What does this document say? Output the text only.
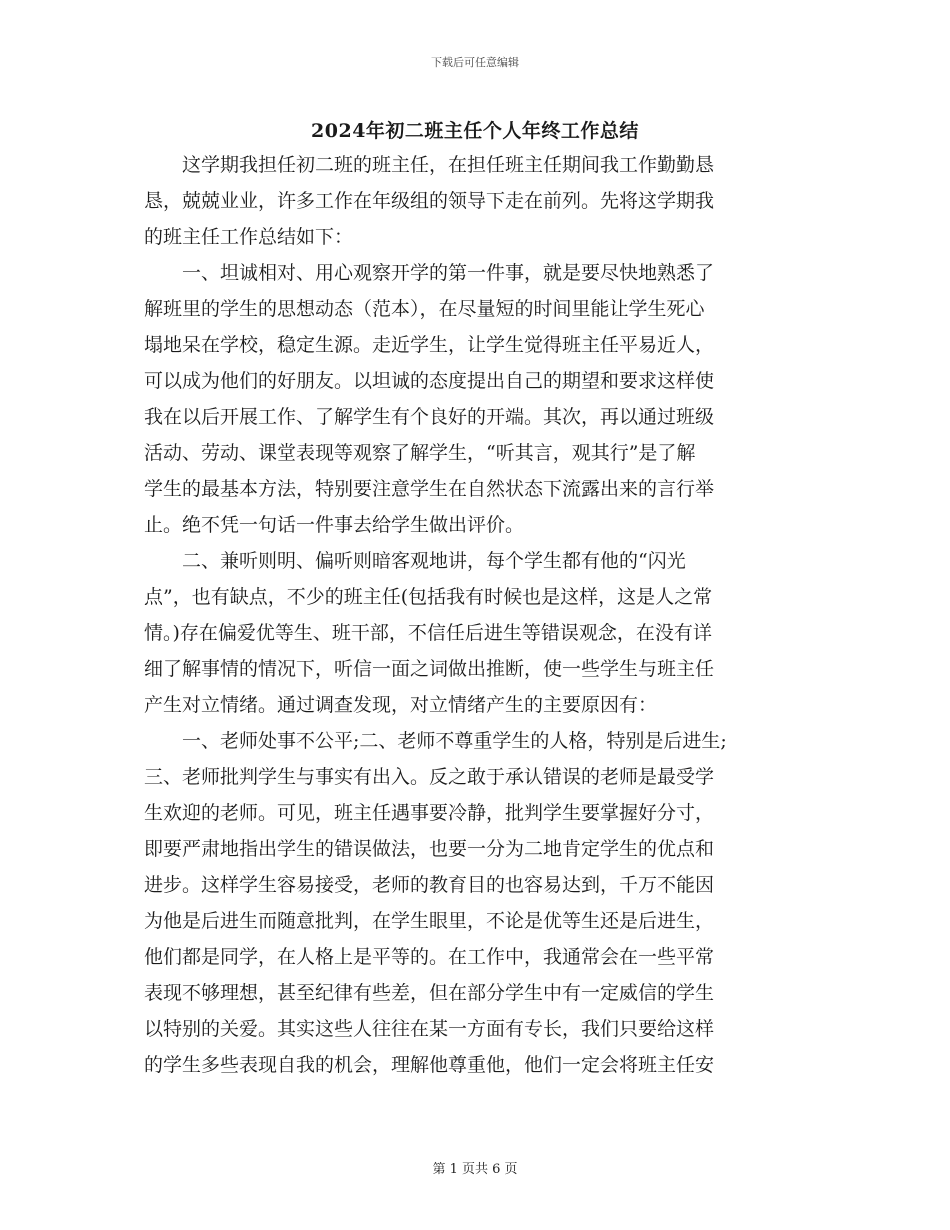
下载后可任意编辑
2024年初二班主任个人年终工作总结
这学期我担任初二班的班主任，在担任班主任期间我工作勤勤恳
恳，兢兢业业，许多工作在年级组的领导下走在前列。先将这学期我
的班主任工作总结如下：
一、坦诚相对、用心观察开学的第一件事，就是要尽快地熟悉了
解班里的学生的思想动态（范本），在尽量短的时间里能让学生死心
塌地呆在学校，稳定生源。走近学生，让学生觉得班主任平易近人，
可以成为他们的好朋友。以坦诚的态度提出自己的期望和要求这样使
我在以后开展工作、了解学生有个良好的开端。其次，再以通过班级
活动、劳动、课堂表现等观察了解学生，“听其言，观其行”是了解
学生的最基本方法，特别要注意学生在自然状态下流露出来的言行举
止。绝不凭一句话一件事去给学生做出评价。
二、兼听则明、偏听则暗客观地讲，每个学生都有他的“闪光
点”，也有缺点，不少的班主任(包括我有时候也是这样，这是人之常
情。)存在偏爱优等生、班干部，不信任后进生等错误观念，在没有详
细了解事情的情况下，听信一面之词做出推断，使一些学生与班主任
产生对立情绪。通过调查发现，对立情绪产生的主要原因有：
一、老师处事不公平;二、老师不尊重学生的人格，特别是后进生;
三、老师批判学生与事实有出入。反之敢于承认错误的老师是最受学
生欢迎的老师。可见，班主任遇事要冷静，批判学生要掌握好分寸，
即要严肃地指出学生的错误做法，也要一分为二地肯定学生的优点和
进步。这样学生容易接受，老师的教育目的也容易达到，千万不能因
为他是后进生而随意批判，在学生眼里，不论是优等生还是后进生，
他们都是同学，在人格上是平等的。在工作中，我通常会在一些平常
表现不够理想，甚至纪律有些差，但在部分学生中有一定威信的学生
以特别的关爱。其实这些人往往在某一方面有专长，我们只要给这样
的学生多些表现自我的机会，理解他尊重他，他们一定会将班主任安
第 1 页共 6 页
